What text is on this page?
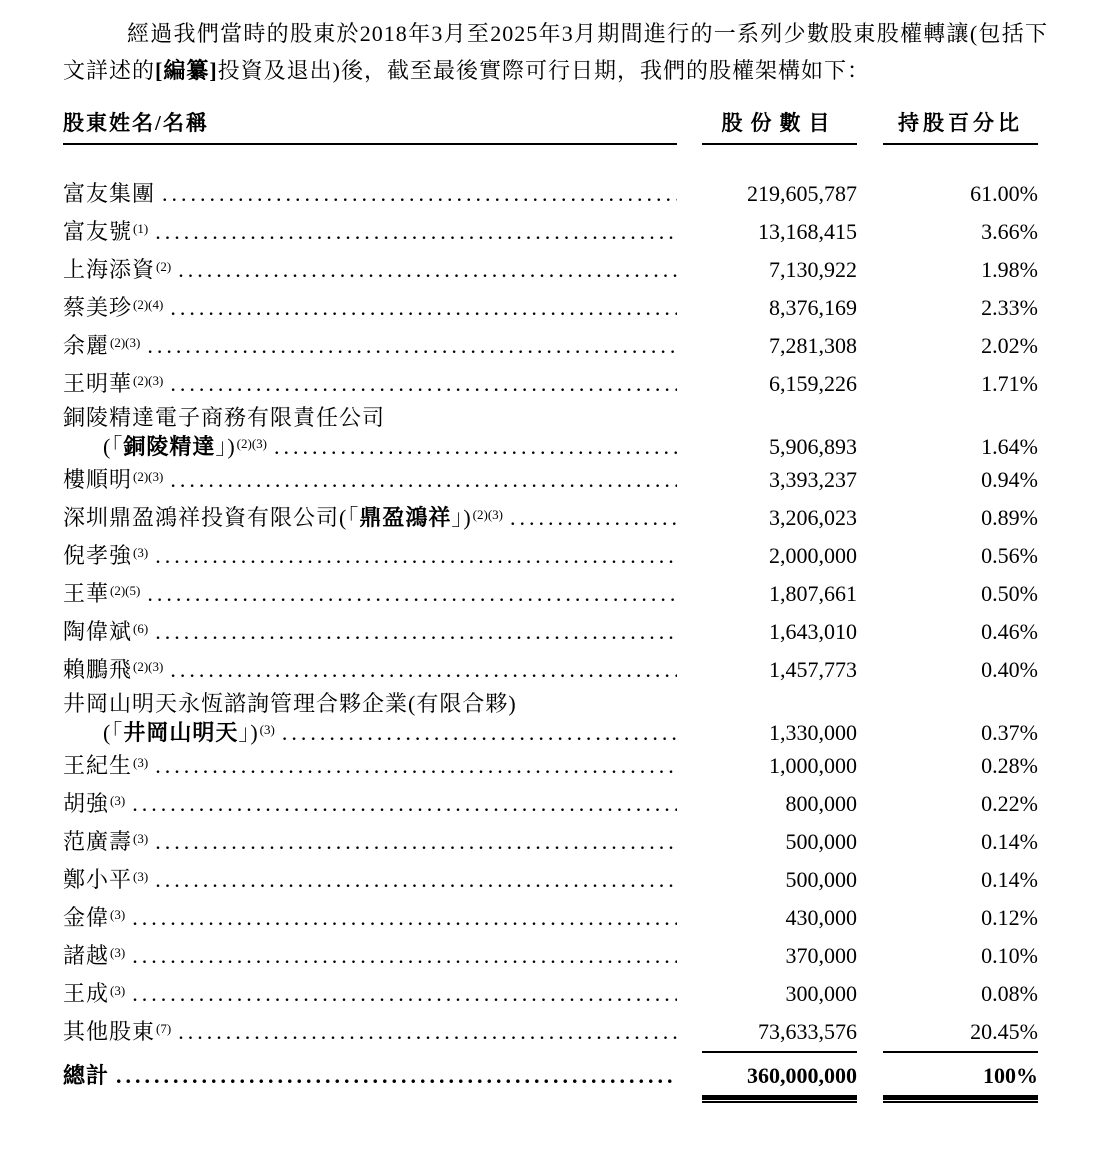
經過我們當時的股東於2018年3月至2025年3月期間進行的一系列少數股東股權轉讓(包括下文詳述的[編纂]投資及退出)後，截至最後實際可行日期，我們的股權架構如下：

股東姓名/名稱	股份數目	持股百分比
富友集團 .....	219,605,787	61.00%
富友號$^{(1)}$ .....	13,168,415	3.66%
上海添資$^{(2)}$ .....	7,130,922	1.98%
蔡美珍$^{(2)(4)}$ .....	8,376,169	2.33%
余麗$^{(2)(3)}$ .....	7,281,308	2.02%
王明華$^{(2)(3)}$ .....	6,159,226	1.71%
銅陵精達電子商務有限責任公司
(「銅陵精達」)$^{(2)(3)}$ .....	5,906,893	1.64%
樓順明$^{(2)(3)}$ .....	3,393,237	0.94%
深圳鼎盈鴻祥投資有限公司(「鼎盈鴻祥」)$^{(2)(3)}$ .....	3,206,023	0.89%
倪孝強$^{(3)}$ .....	2,000,000	0.56%
王華$^{(2)(5)}$ .....	1,807,661	0.50%
陶偉斌$^{(6)}$ .....	1,643,010	0.46%
賴鵬飛$^{(2)(3)}$ .....	1,457,773	0.40%
井岡山明天永恆諮詢管理合夥企業(有限合夥)
(「井岡山明天」)$^{(3)}$ .....	1,330,000	0.37%
王紀生$^{(3)}$ .....	1,000,000	0.28%
胡強$^{(3)}$ .....	800,000	0.22%
范廣壽$^{(3)}$ .....	500,000	0.14%
鄭小平$^{(3)}$ .....	500,000	0.14%
金偉$^{(3)}$ .....	430,000	0.12%
諸越$^{(3)}$ .....	370,000	0.10%
王成$^{(3)}$ .....	300,000	0.08%
其他股東$^{(7)}$ .....	73,633,576	20.45%
總計 .....	360,000,000	100%
